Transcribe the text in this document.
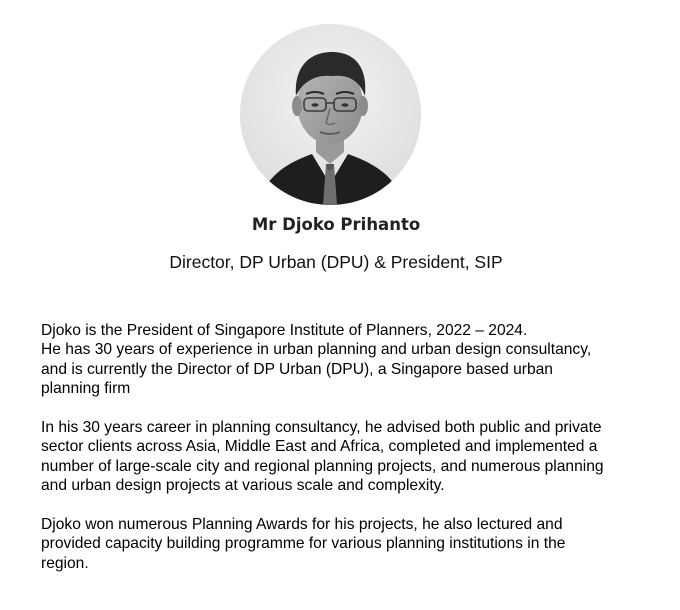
Mr Djoko Prihanto
Director, DP Urban (DPU) & President, SIP

Djoko is the President of Singapore Institute of Planners, 2022 – 2024.
He has 30 years of experience in urban planning and urban design consultancy,
and is currently the Director of DP Urban (DPU), a Singapore based urban
planning firm

In his 30 years career in planning consultancy, he advised both public and private
sector clients across Asia, Middle East and Africa, completed and implemented a
number of large-scale city and regional planning projects, and numerous planning
and urban design projects at various scale and complexity.

Djoko won numerous Planning Awards for his projects, he also lectured and
provided capacity building programme for various planning institutions in the
region.
